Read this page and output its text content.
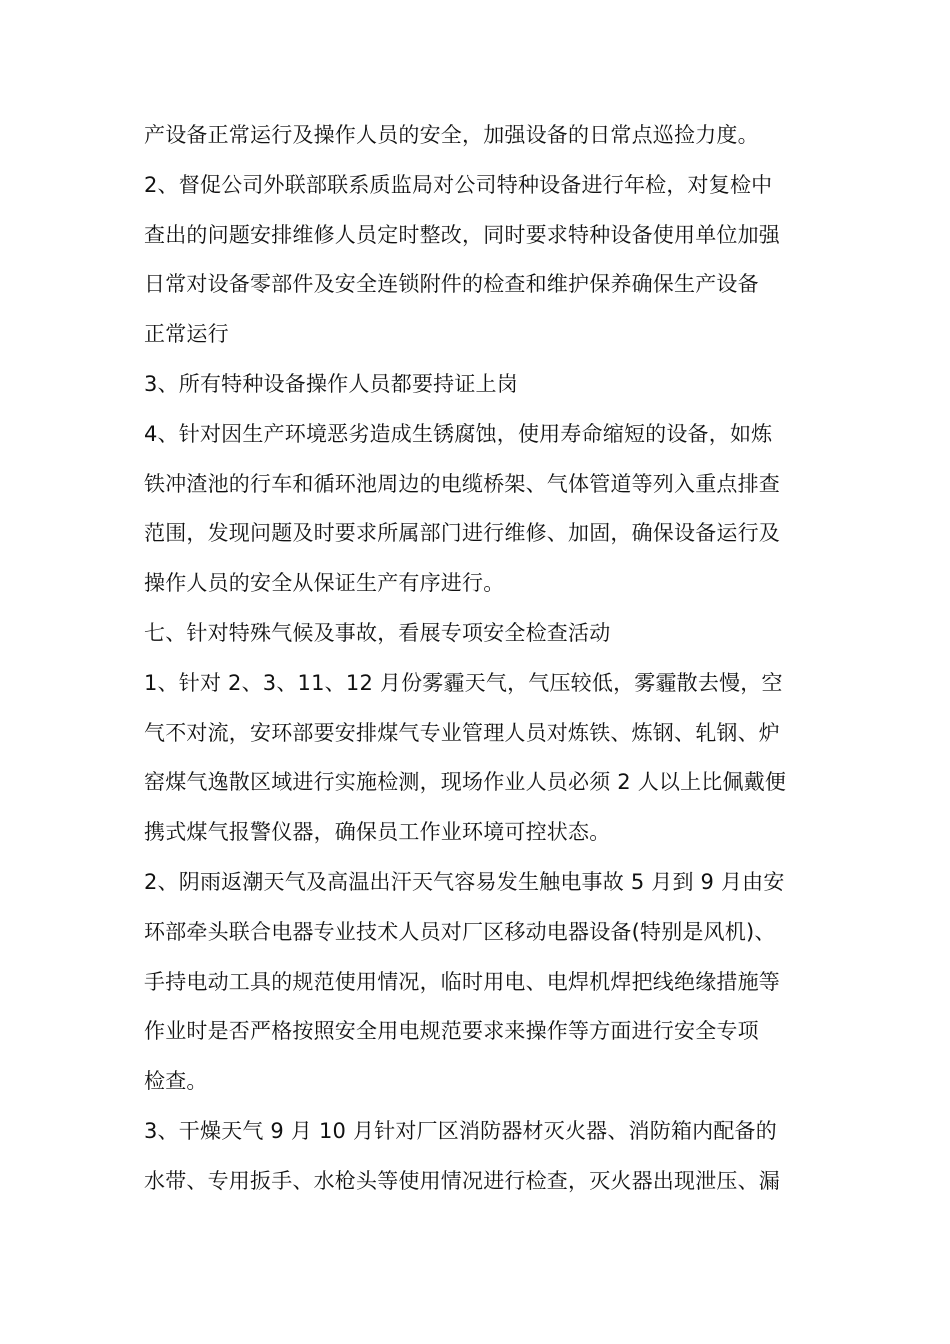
产设备正常运行及操作人员的安全，加强设备的日常点巡捡力度。
2、督促公司外联部联系质监局对公司特种设备进行年检，对复检中
查出的问题安排维修人员定时整改，同时要求特种设备使用单位加强
日常对设备零部件及安全连锁附件的检查和维护保养确保生产设备
正常运行
3、所有特种设备操作人员都要持证上岗
4、针对因生产环境恶劣造成生锈腐蚀，使用寿命缩短的设备，如炼
铁冲渣池的行车和循环池周边的电缆桥架、气体管道等列入重点排查
范围，发现问题及时要求所属部门进行维修、加固，确保设备运行及
操作人员的安全从保证生产有序进行。
七、针对特殊气候及事故，看展专项安全检查活动
1、针对 2、3、11、12 月份雾霾天气，气压较低，雾霾散去慢，空
气不对流，安环部要安排煤气专业管理人员对炼铁、炼钢、轧钢、炉
窑煤气逸散区域进行实施检测，现场作业人员必须 2 人以上比佩戴便
携式煤气报警仪器，确保员工作业环境可控状态。
2、阴雨返潮天气及高温出汗天气容易发生触电事故 5 月到 9 月由安
环部牵头联合电器专业技术人员对厂区移动电器设备(特别是风机)、
手持电动工具的规范使用情况，临时用电、电焊机焊把线绝缘措施等
作业时是否严格按照安全用电规范要求来操作等方面进行安全专项
检查。
3、干燥天气 9 月 10 月针对厂区消防器材灭火器、消防箱内配备的
水带、专用扳手、水枪头等使用情况进行检查，灭火器出现泄压、漏
